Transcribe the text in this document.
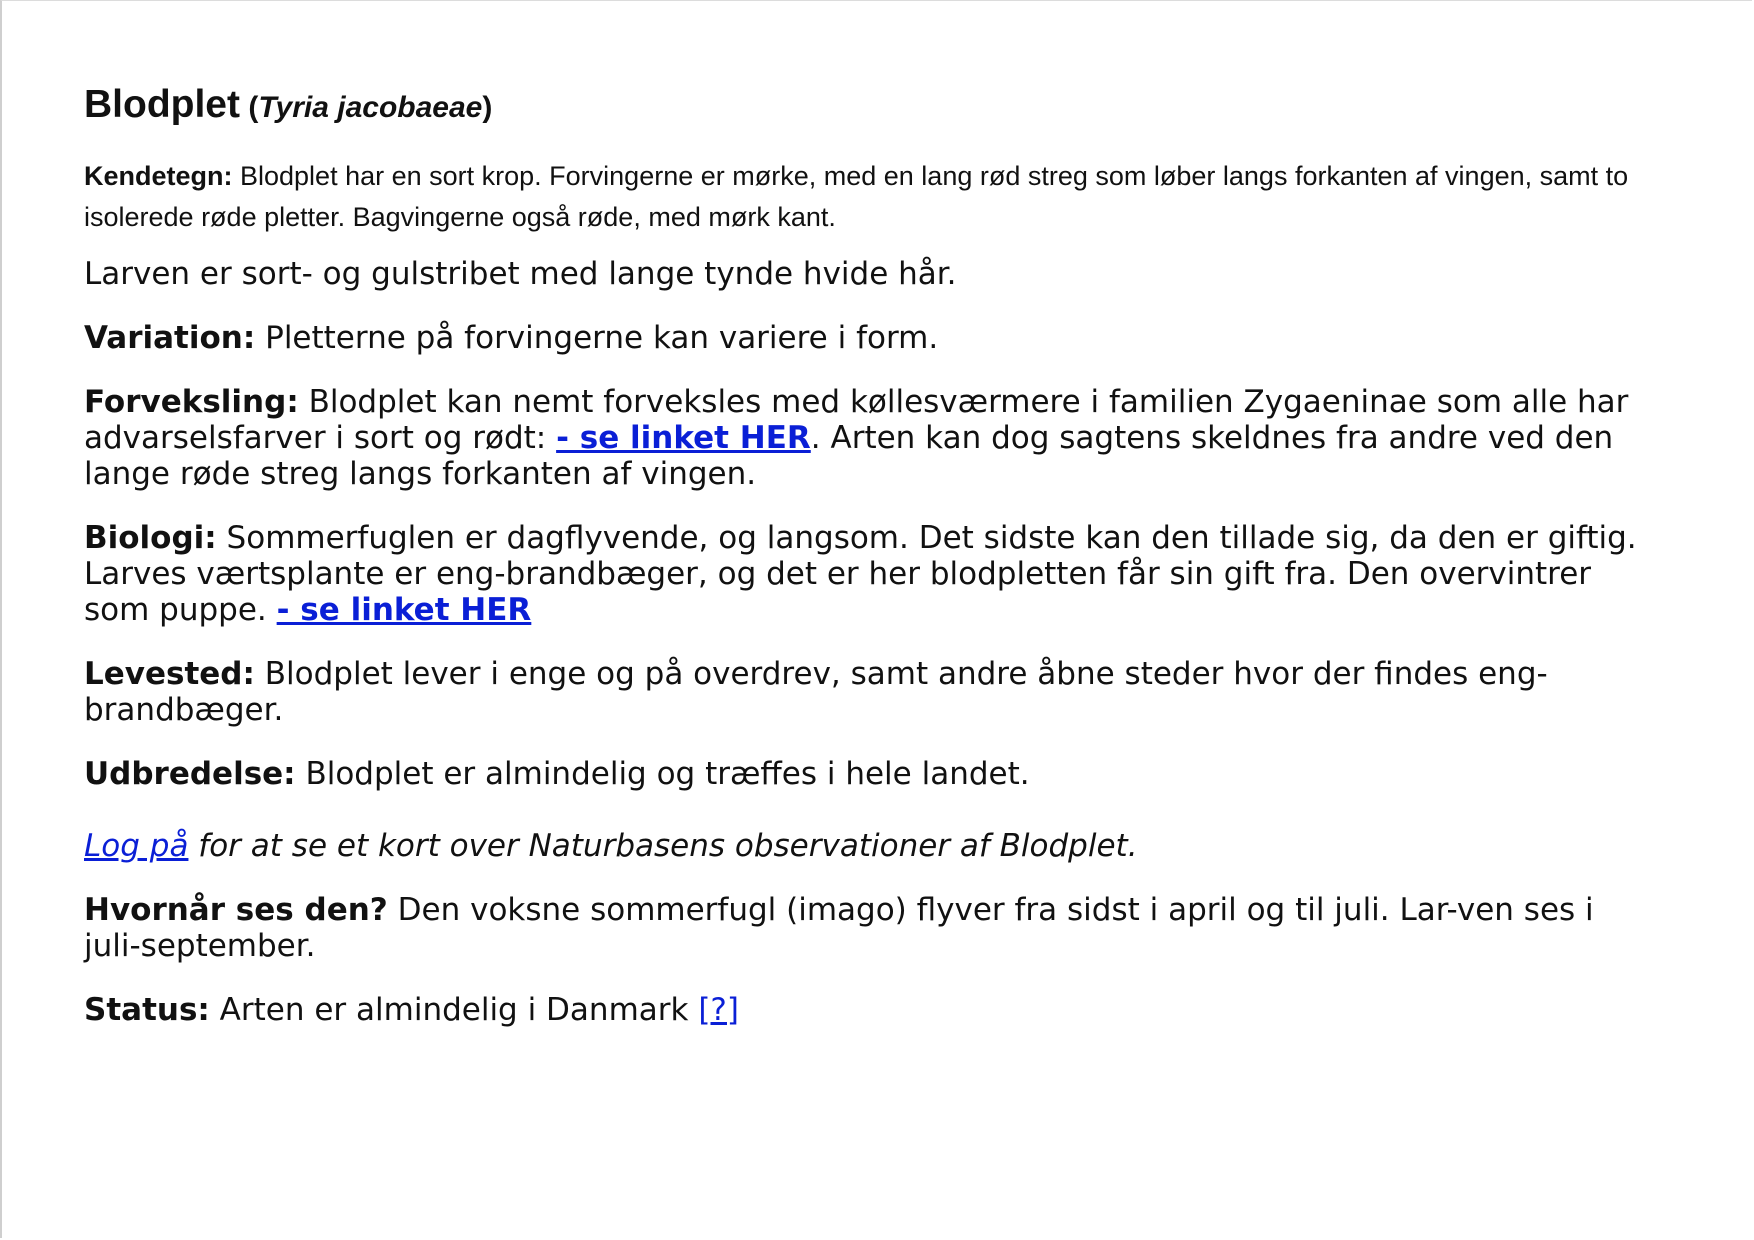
Blodplet (Tyria jacobaeae)

Kendetegn: Blodplet har en sort krop. Forvingerne er mørke, med en lang rød streg som løber langs forkanten af vingen, samt to isolerede røde pletter. Bagvingerne også røde, med mørk kant.

Larven er sort- og gulstribet med lange tynde hvide hår.

Variation: Pletterne på forvingerne kan variere i form.

Forveksling: Blodplet kan nemt forveksles med køllesværmere i familien Zygaeninae som alle har advarselsfarver i sort og rødt: - se linket HER. Arten kan dog sagtens skeldnes fra andre ved den lange røde streg langs forkanten af vingen.

Biologi: Sommerfuglen er dagflyvende, og langsom. Det sidste kan den tillade sig, da den er giftig. Larves værtsplante er eng-brandbæger, og det er her blodpletten får sin gift fra. Den overvintrer som puppe. - se linket HER

Levested: Blodplet lever i enge og på overdrev, samt andre åbne steder hvor der findes eng-brandbæger.

Udbredelse: Blodplet er almindelig og træffes i hele landet.

Log på for at se et kort over Naturbasens observationer af Blodplet.

Hvornår ses den? Den voksne sommerfugl (imago) flyver fra sidst i april og til juli. Lar-ven ses i juli-september.

Status: Arten er almindelig i Danmark [?]
